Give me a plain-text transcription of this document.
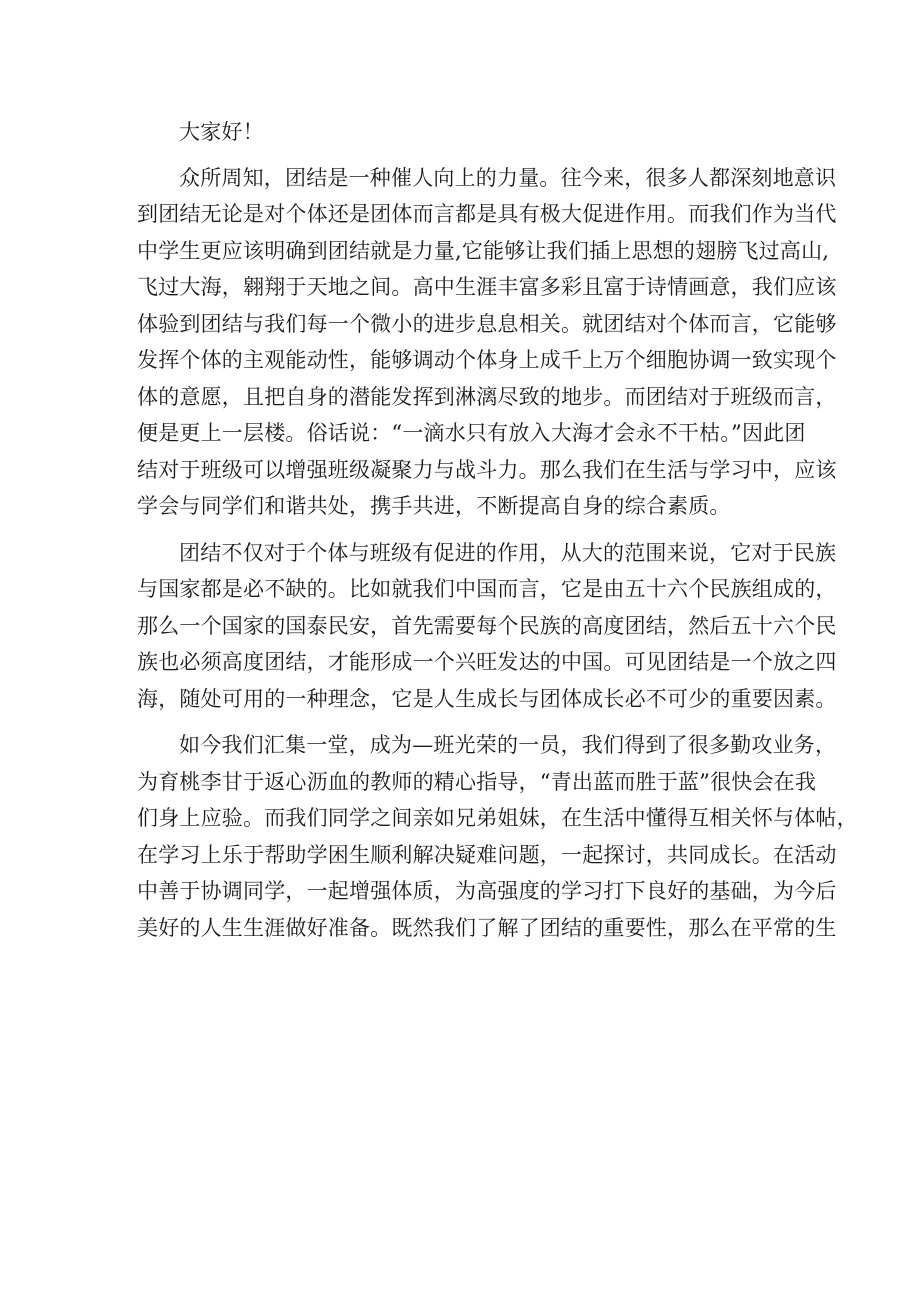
大家好！
众所周知，团结是一种催人向上的力量。往今来，很多人都深刻地意识
到团结无论是对个体还是团体而言都是具有极大促进作用。而我们作为当代
中学生更应该明确到团结就是力量,它能够让我们插上思想的翅膀飞过高山,
飞过大海，翱翔于天地之间。高中生涯丰富多彩且富于诗情画意，我们应该
体验到团结与我们每一个微小的进步息息相关。就团结对个体而言，它能够
发挥个体的主观能动性，能够调动个体身上成千上万个细胞协调一致实现个
体的意愿，且把自身的潜能发挥到淋漓尽致的地步。而团结对于班级而言，
便是更上一层楼。俗话说：“一滴水只有放入大海才会永不干枯。”因此团
结对于班级可以增强班级凝聚力与战斗力。那么我们在生活与学习中，应该
学会与同学们和谐共处，携手共进，不断提高自身的综合素质。
团结不仅对于个体与班级有促进的作用，从大的范围来说，它对于民族
与国家都是必不缺的。比如就我们中国而言，它是由五十六个民族组成的，
那么一个国家的国泰民安，首先需要每个民族的高度团结，然后五十六个民
族也必须高度团结，才能形成一个兴旺发达的中国。可见团结是一个放之四
海，随处可用的一种理念，它是人生成长与团体成长必不可少的重要因素。
如今我们汇集一堂，成为—班光荣的一员，我们得到了很多勤攻业务，
为育桃李甘于返心沥血的教师的精心指导，“青出蓝而胜于蓝”很快会在我
们身上应验。而我们同学之间亲如兄弟姐妹，在生活中懂得互相关怀与体帖，
在学习上乐于帮助学困生顺利解决疑难问题，一起探讨，共同成长。在活动
中善于协调同学，一起增强体质，为高强度的学习打下良好的基础，为今后
美好的人生生涯做好准备。既然我们了解了团结的重要性，那么在平常的生
